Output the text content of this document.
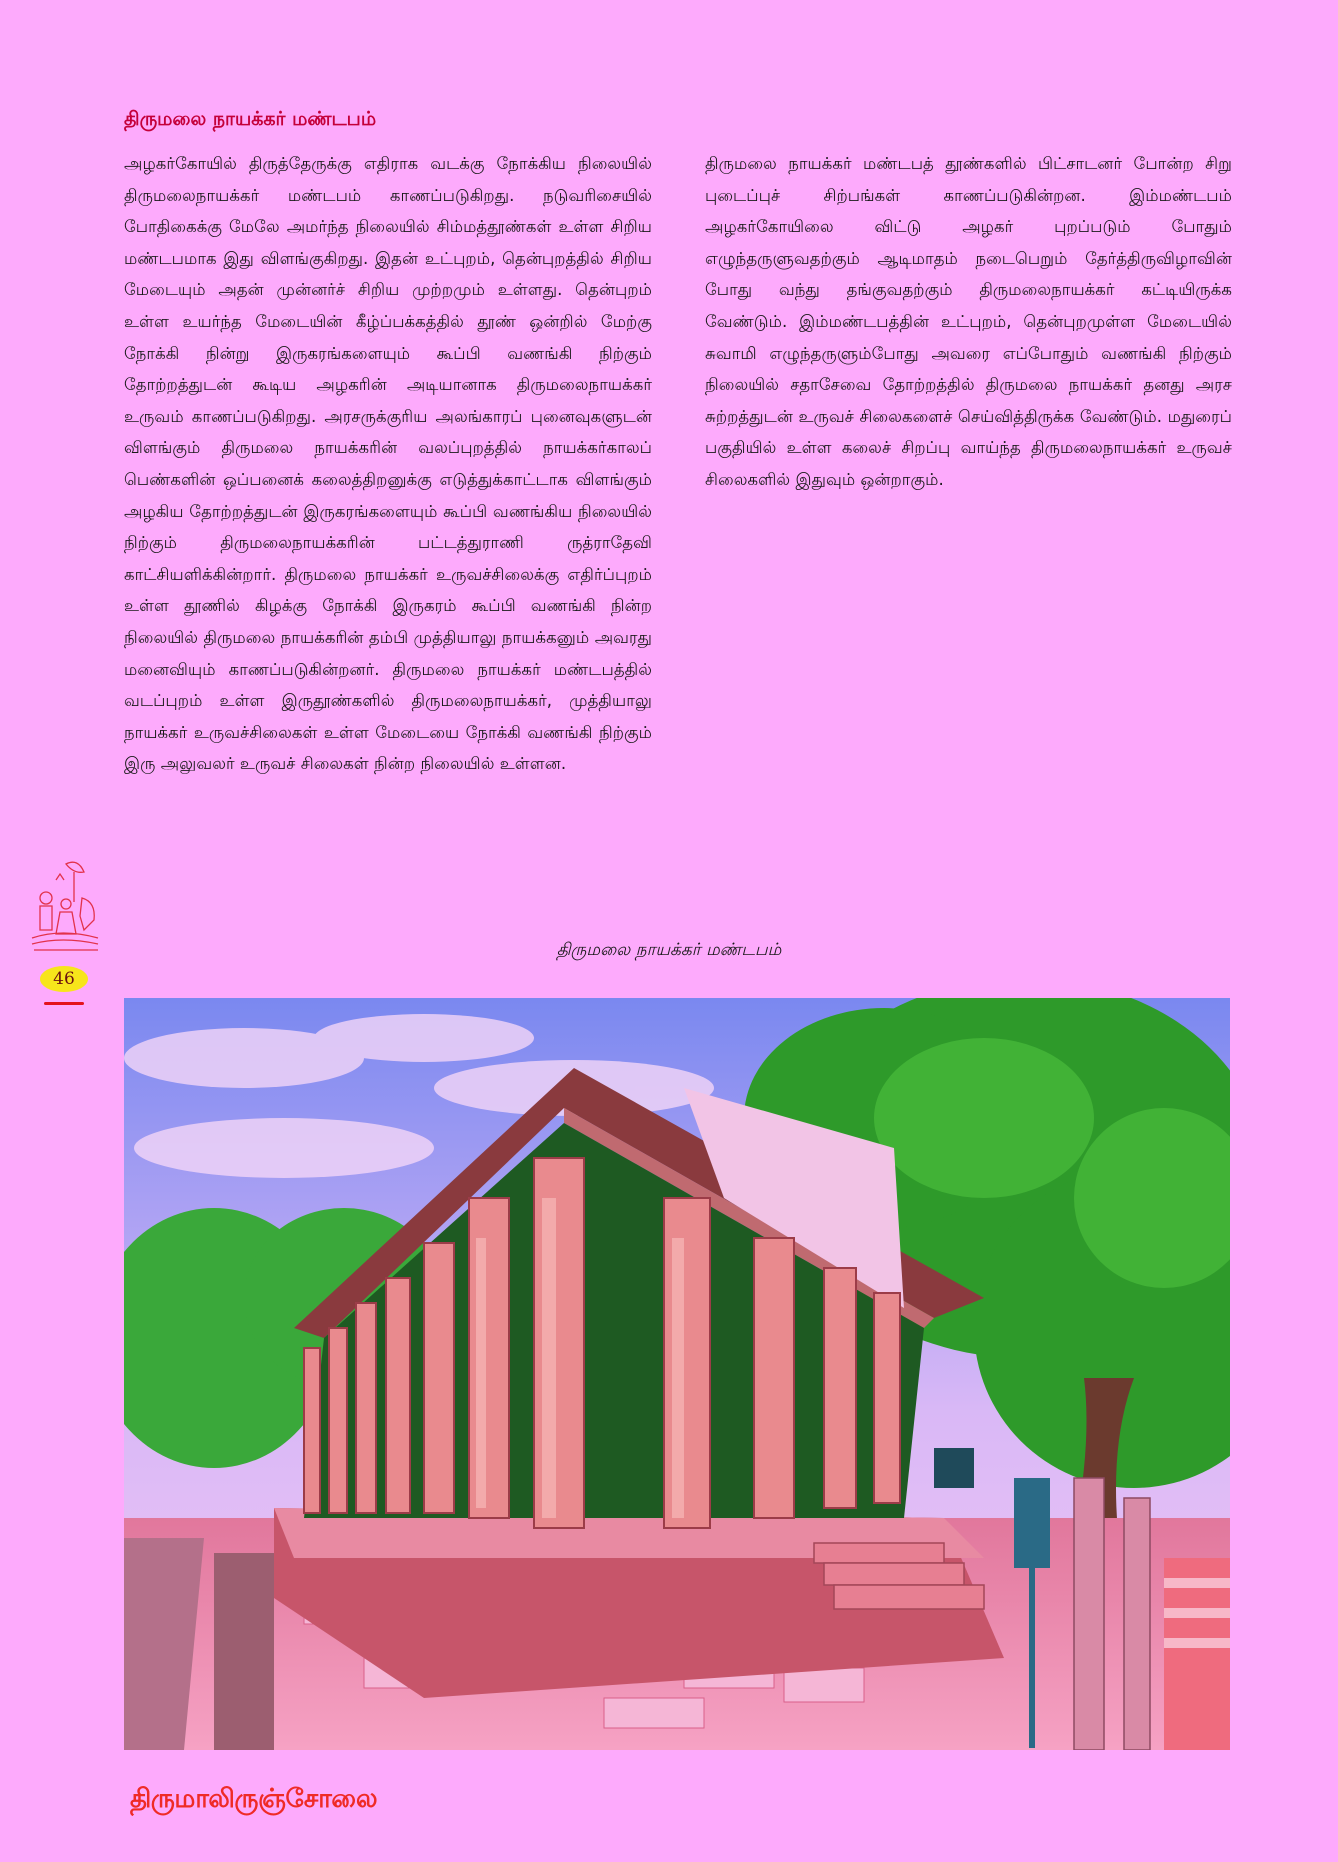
திருமலை நாயக்கர் மண்டபம்

அழகர்கோயில் திருத்தேருக்கு எதிராக வடக்கு நோக்கிய நிலையில் திருமலைநாயக்கர் மண்டபம் காணப்படுகிறது. நடுவரிசையில் போதிகைக்கு மேலே அமர்ந்த நிலையில் சிம்மத்தூண்கள் உள்ள சிறிய மண்டபமாக இது விளங்குகிறது. இதன் உட்புறம், தென்புறத்தில் சிறிய மேடையும் அதன் முன்னர்ச் சிறிய முற்றமும் உள்ளது. தென்புறம் உள்ள உயர்ந்த மேடையின் கீழ்ப்பக்கத்தில் தூண் ஒன்றில் மேற்கு நோக்கி நின்று இருகரங்களையும் கூப்பி வணங்கி நிற்கும் தோற்றத்துடன் கூடிய அழகரின் அடியானாக திருமலைநாயக்கர் உருவம் காணப்படுகிறது. அரசருக்குரிய அலங்காரப் புனைவுகளுடன் விளங்கும் திருமலை நாயக்கரின் வலப்புறத்தில் நாயக்கர்காலப் பெண்களின் ஒப்பனைக் கலைத்திறனுக்கு எடுத்துக்காட்டாக விளங்கும் அழகிய தோற்றத்துடன் இருகரங்களையும் கூப்பி வணங்கிய நிலையில் நிற்கும் திருமலைநாயக்கரின் பட்டத்துராணி ருத்ராதேவி காட்சியளிக்கின்றார். திருமலை நாயக்கர் உருவச்சிலைக்கு எதிர்ப்புறம் உள்ள தூணில் கிழக்கு நோக்கி இருகரம் கூப்பி வணங்கி நின்ற நிலையில் திருமலை நாயக்கரின் தம்பி முத்தியாலு நாயக்கனும் அவரது மனைவியும் காணப்படுகின்றனர். திருமலை நாயக்கர் மண்டபத்தில் வடப்புறம் உள்ள இருதூண்களில் திருமலைநாயக்கர், முத்தியாலு நாயக்கர் உருவச்சிலைகள் உள்ள மேடையை நோக்கி வணங்கி நிற்கும் இரு அலுவலர் உருவச் சிலைகள் நின்ற நிலையில் உள்ளன.

திருமலை நாயக்கர் மண்டபத் தூண்களில் பிட்சாடனர் போன்ற சிறு புடைப்புச் சிற்பங்கள் காணப்படுகின்றன. இம்மண்டபம் அழகர்கோயிலை விட்டு அழகர் புறப்படும் போதும் எழுந்தருளுவதற்கும் ஆடிமாதம் நடைபெறும் தேர்த்திருவிழாவின் போது வந்து தங்குவதற்கும் திருமலைநாயக்கர் கட்டியிருக்க வேண்டும். இம்மண்டபத்தின் உட்புறம், தென்புறமுள்ள மேடையில் சுவாமி எழுந்தருளும்போது அவரை எப்போதும் வணங்கி நிற்கும் நிலையில் சதாசேவை தோற்றத்தில் திருமலை நாயக்கர் தனது அரச சுற்றத்துடன் உருவச் சிலைகளைச் செய்வித்திருக்க வேண்டும். மதுரைப் பகுதியில் உள்ள கலைச் சிறப்பு வாய்ந்த திருமலைநாயக்கர் உருவச் சிலைகளில் இதுவும் ஒன்றாகும்.

46
திருமலை நாயக்கர் மண்டபம்
திருமாலிருஞ்சோலை
